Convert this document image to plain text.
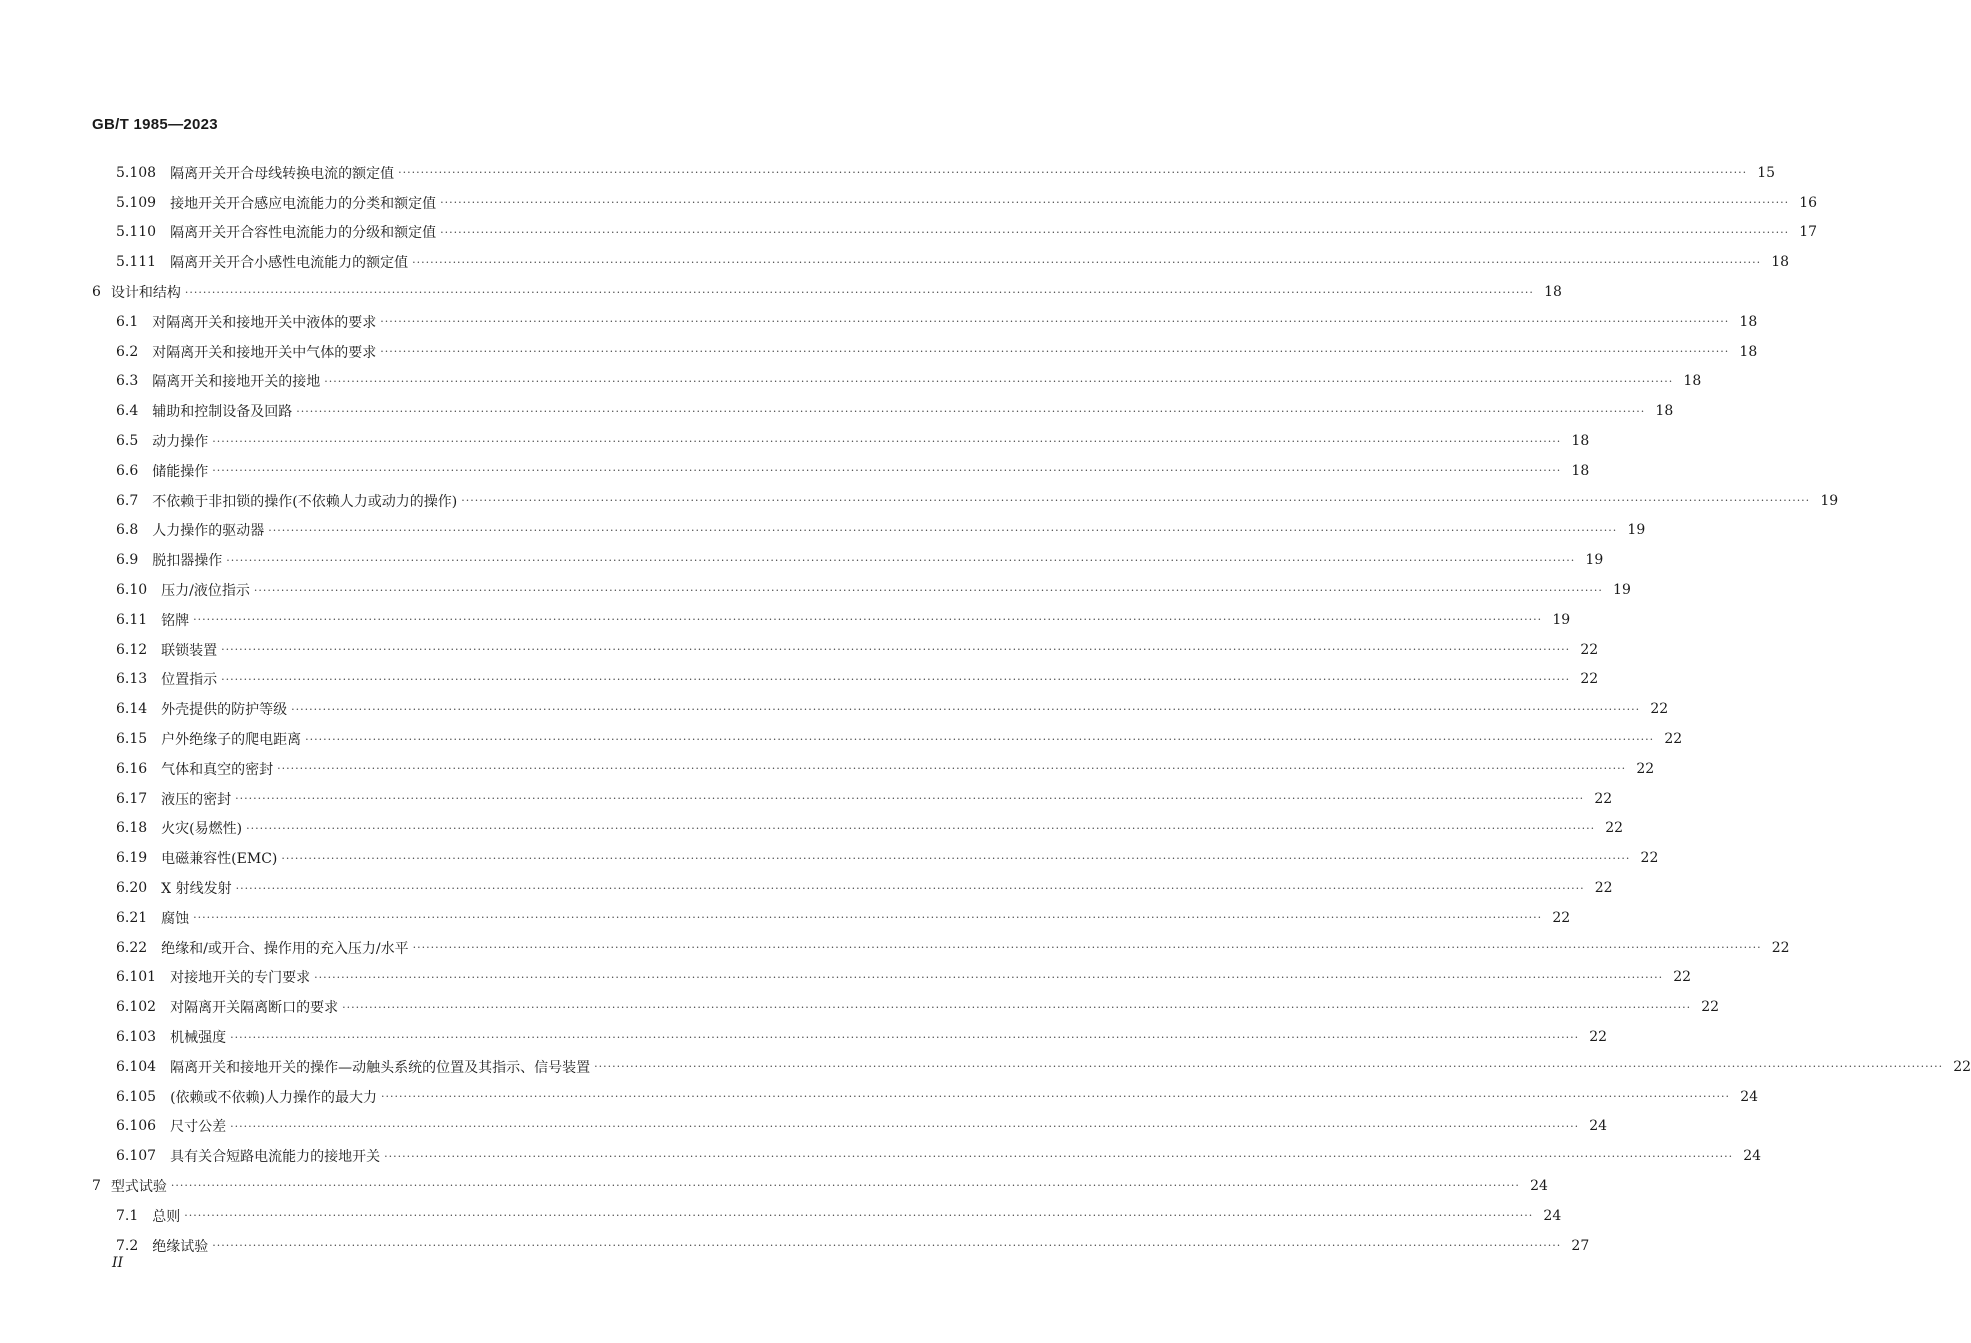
GB/T 1985—2023
5.108 隔离开关开合母线转换电流的额定值 ············································································································································································································································································································ 15
5.109 接地开关开合感应电流能力的分类和额定值 ············································································································································································································································································································ 16
5.110 隔离开关开合容性电流能力的分级和额定值 ············································································································································································································································································································ 17
5.111 隔离开关开合小感性电流能力的额定值 ············································································································································································································································································································ 18
6 设计和结构 ············································································································································································································································································································ 18
6.1 对隔离开关和接地开关中液体的要求 ············································································································································································································································································································ 18
6.2 对隔离开关和接地开关中气体的要求 ············································································································································································································································································································ 18
6.3 隔离开关和接地开关的接地 ············································································································································································································································································································ 18
6.4 辅助和控制设备及回路 ············································································································································································································································································································ 18
6.5 动力操作 ············································································································································································································································································································ 18
6.6 储能操作 ············································································································································································································································································································ 18
6.7 不依赖于非扣锁的操作(不依赖人力或动力的操作) ············································································································································································································································································································ 19
6.8 人力操作的驱动器 ············································································································································································································································································································ 19
6.9 脱扣器操作 ············································································································································································································································································································ 19
6.10 压力/液位指示 ············································································································································································································································································································ 19
6.11 铭牌 ············································································································································································································································································································ 19
6.12 联锁装置 ············································································································································································································································································································ 22
6.13 位置指示 ············································································································································································································································································································ 22
6.14 外壳提供的防护等级 ············································································································································································································································································································ 22
6.15 户外绝缘子的爬电距离 ············································································································································································································································································································ 22
6.16 气体和真空的密封 ············································································································································································································································································································ 22
6.17 液压的密封 ············································································································································································································································································································ 22
6.18 火灾(易燃性) ············································································································································································································································································································ 22
6.19 电磁兼容性(EMC) ············································································································································································································································································································ 22
6.20 X 射线发射 ············································································································································································································································································································ 22
6.21 腐蚀 ············································································································································································································································································································ 22
6.22 绝缘和/或开合、操作用的充入压力/水平 ············································································································································································································································································································ 22
6.101 对接地开关的专门要求 ············································································································································································································································································································ 22
6.102 对隔离开关隔离断口的要求 ············································································································································································································································································································ 22
6.103 机械强度 ············································································································································································································································································································ 22
6.104 隔离开关和接地开关的操作—动触头系统的位置及其指示、信号装置 ············································································································································································································································································································ 22
6.105 (依赖或不依赖)人力操作的最大力 ············································································································································································································································································································ 24
6.106 尺寸公差 ············································································································································································································································································································ 24
6.107 具有关合短路电流能力的接地开关 ············································································································································································································································································································ 24
7 型式试验 ············································································································································································································································································································ 24
7.1 总则 ············································································································································································································································································································ 24
7.2 绝缘试验 ············································································································································································································································································································ 27
II
